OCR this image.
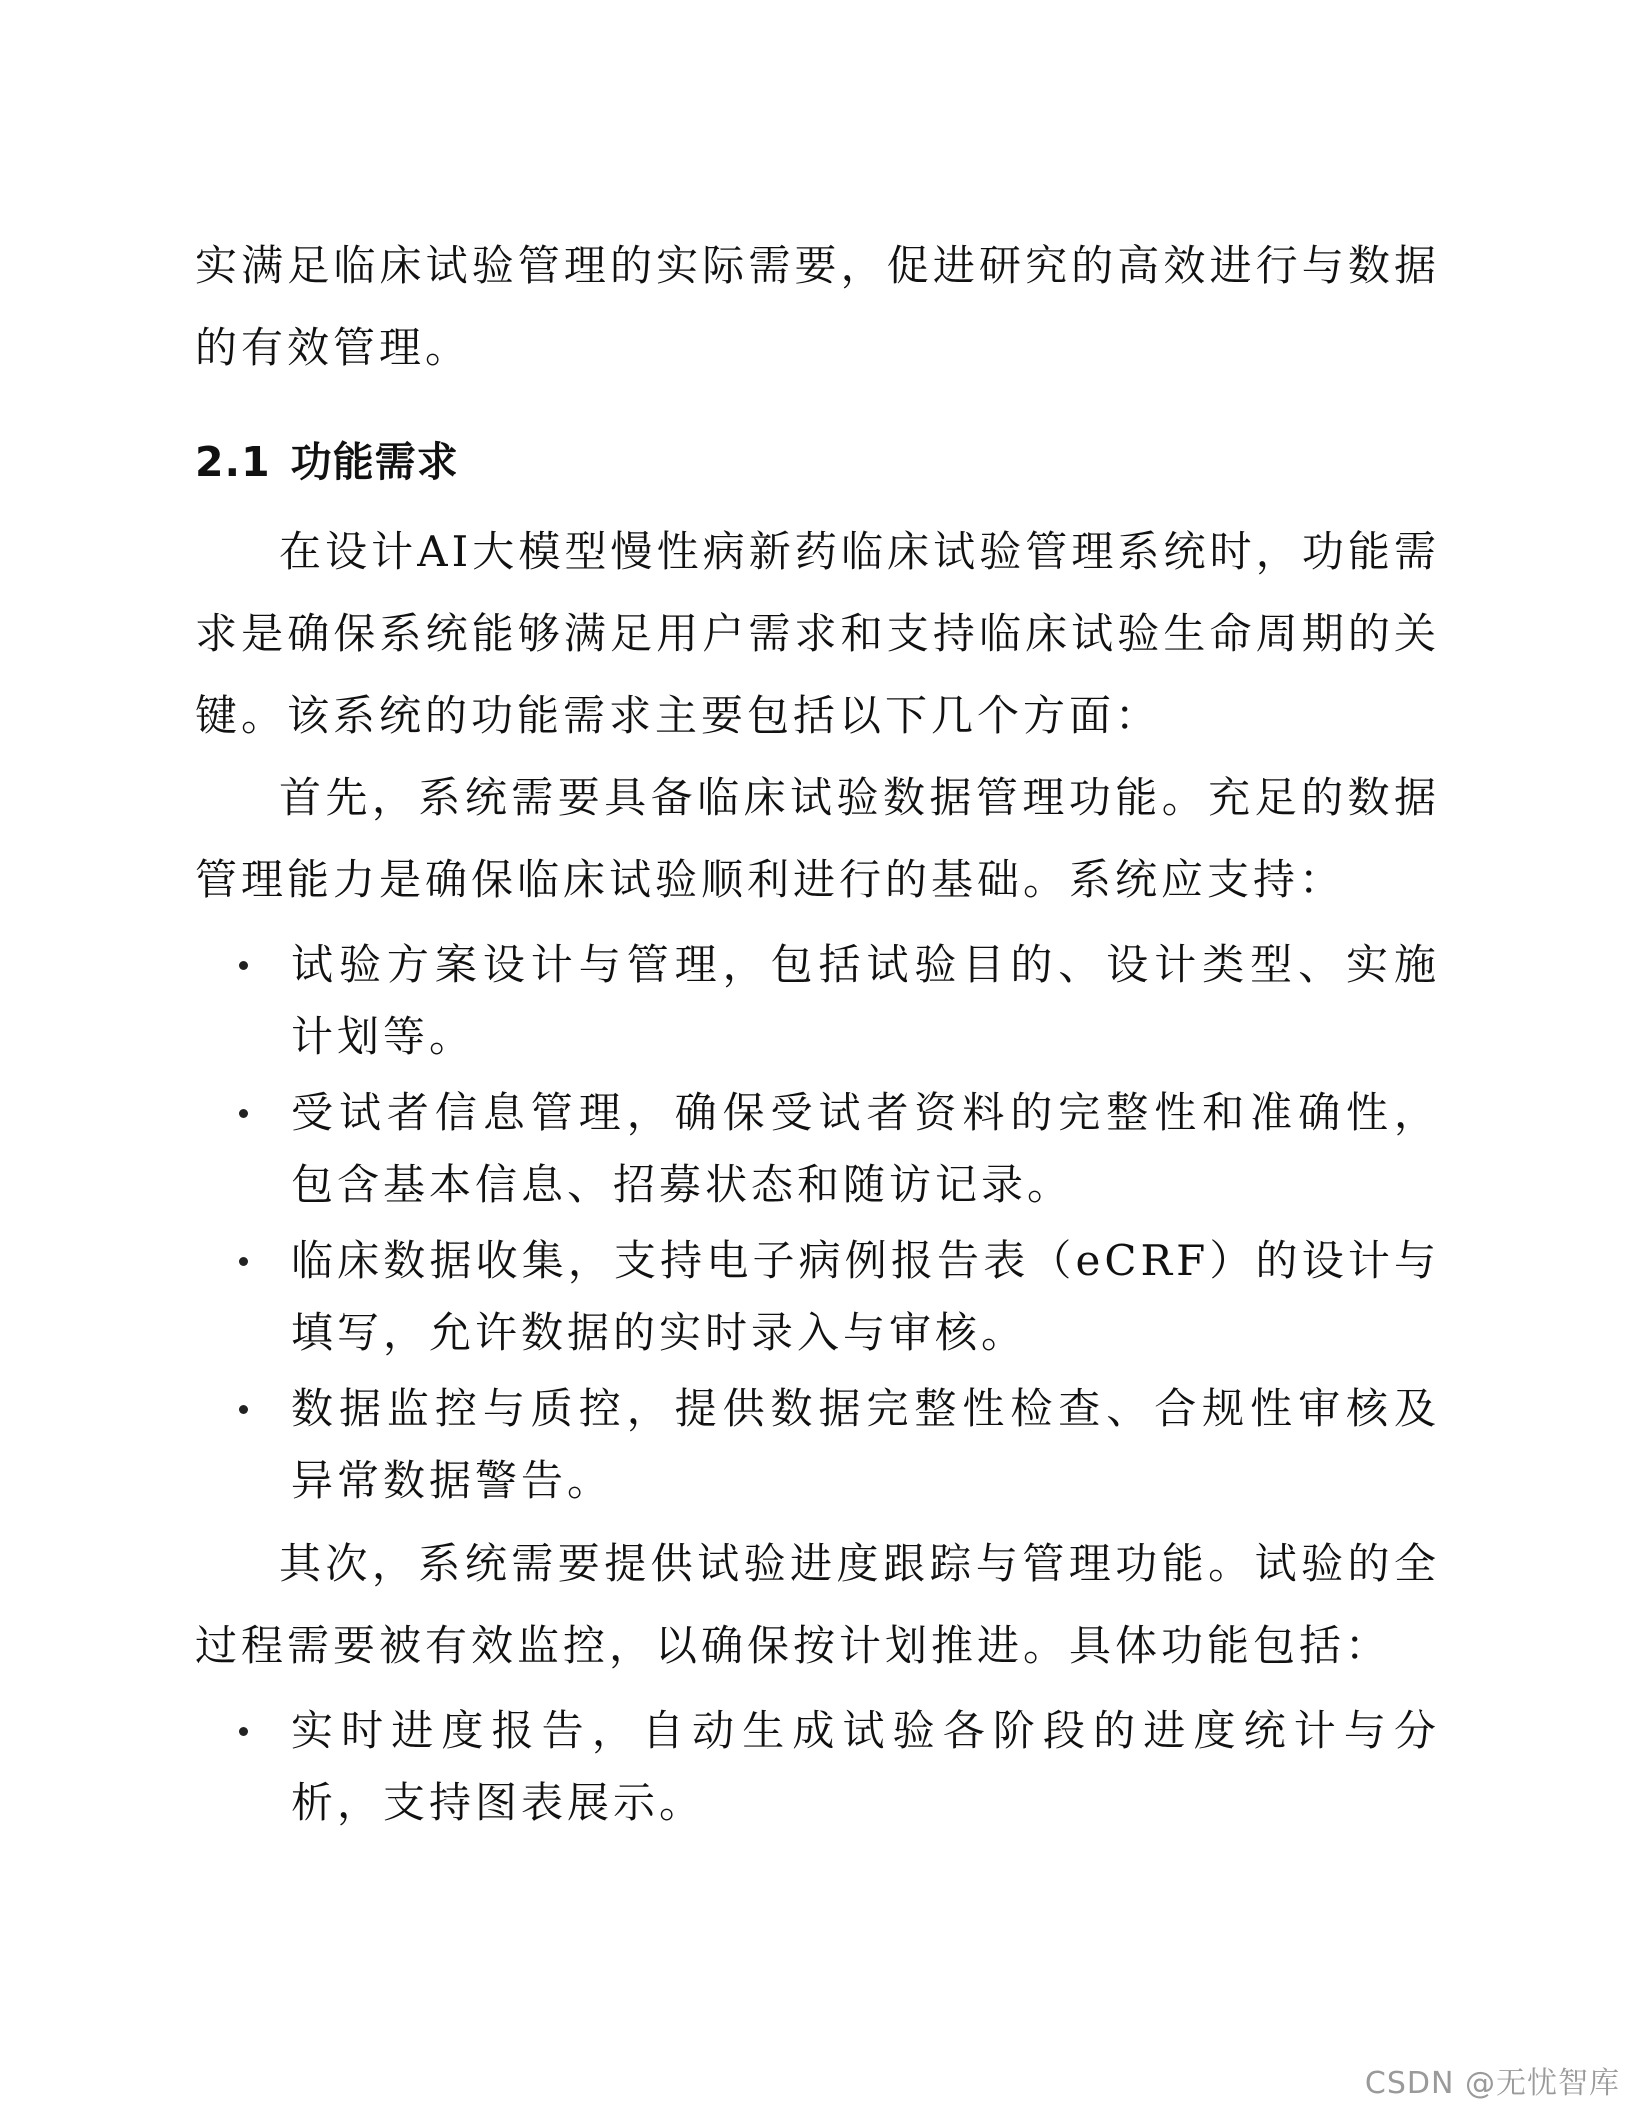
实满足临床试验管理的实际需要，促进研究的高效进行与数据的有效管理。

2.1 功能需求

在设计AI大模型慢性病新药临床试验管理系统时，功能需求是确保系统能够满足用户需求和支持临床试验生命周期的关键。该系统的功能需求主要包括以下几个方面：

首先，系统需要具备临床试验数据管理功能。充足的数据管理能力是确保临床试验顺利进行的基础。系统应支持：

试验方案设计与管理，包括试验目的、设计类型、实施计划等。
受试者信息管理，确保受试者资料的完整性和准确性，包含基本信息、招募状态和随访记录。
临床数据收集，支持电子病例报告表（eCRF）的设计与填写，允许数据的实时录入与审核。
数据监控与质控，提供数据完整性检查、合规性审核及异常数据警告。

其次，系统需要提供试验进度跟踪与管理功能。试验的全过程需要被有效监控，以确保按计划推进。具体功能包括：

实时进度报告，自动生成试验各阶段的进度统计与分析，支持图表展示。
CSDN @无忧智库
